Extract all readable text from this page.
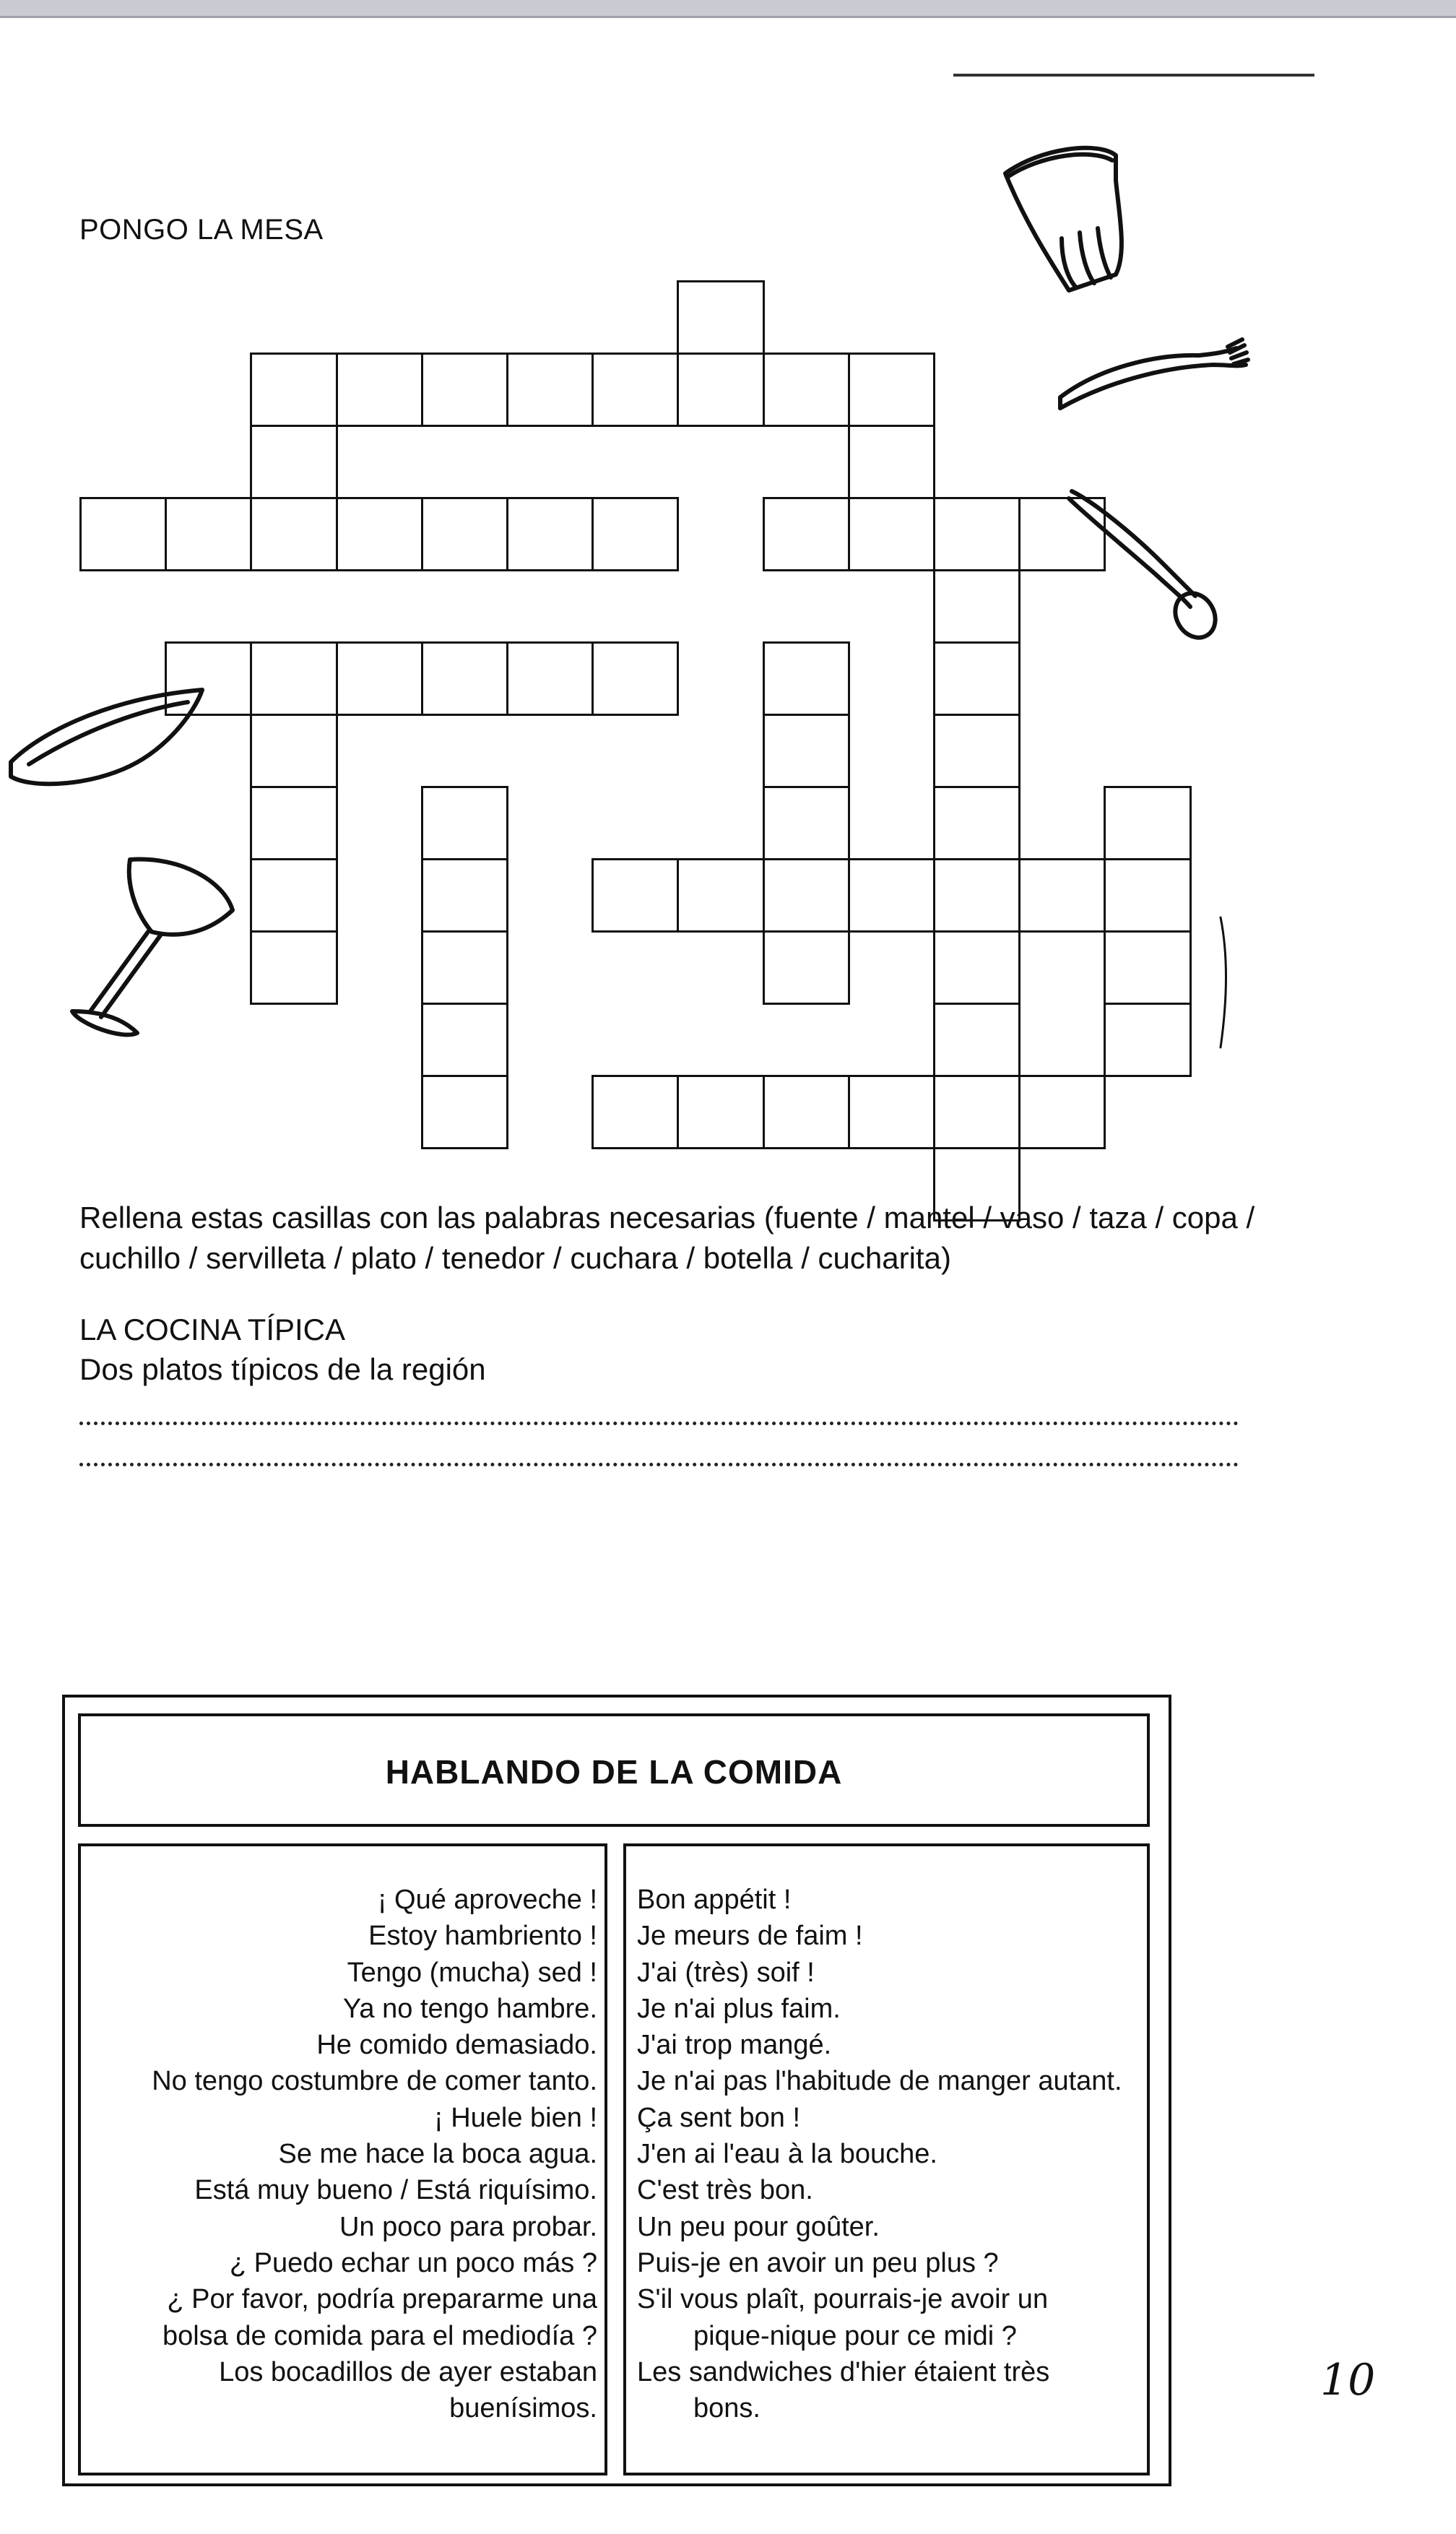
PONGO LA MESA
Rellena estas casillas con las palabras necesarias (fuente / mantel / vaso / taza / copa / cuchillo / servilleta / plato / tenedor / cuchara / botella / cucharita)
LA COCINA TÍPICA
Dos platos típicos de la región
HABLANDO DE LA COMIDA
¡ Qué aproveche !
Estoy hambriento !
Tengo (mucha) sed !
Ya no tengo hambre.
He comido demasiado.
No tengo costumbre de comer tanto.
¡ Huele bien !
Se me hace la boca agua.
Está muy bueno / Está riquísimo.
Un poco para probar.
¿ Puedo echar un poco más ?
¿ Por favor, podría prepararme una
bolsa de comida para el mediodía ?
Los bocadillos de ayer estaban
buenísimos.
Bon appétit !
Je meurs de faim !
J'ai (très) soif !
Je n'ai plus faim.
J'ai trop mangé.
Je n'ai pas l'habitude de manger autant.
Ça sent bon !
J'en ai l'eau à la bouche.
C'est très bon.
Un peu pour goûter.
Puis-je en avoir un peu plus ?
S'il vous plaît, pourrais-je avoir un
pique-nique pour ce midi ?
Les sandwiches d'hier étaient très
bons.
10
